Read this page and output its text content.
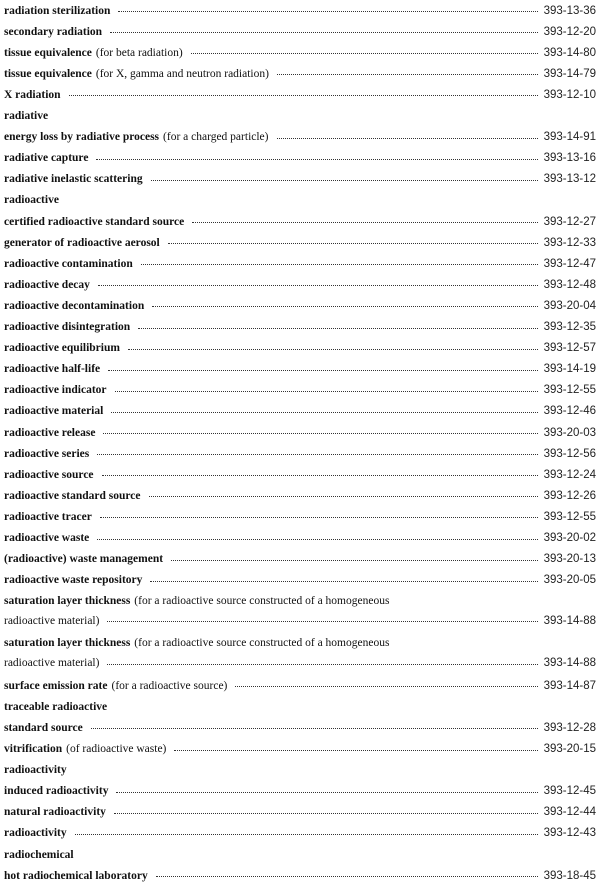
radiation sterilization	393-13-36
secondary radiation	393-12-20
tissue equivalence (for beta radiation)	393-14-80
tissue equivalence (for X, gamma and neutron radiation)	393-14-79
X radiation	393-12-10
radiative
energy loss by radiative process (for a charged particle)	393-14-91
radiative capture	393-13-16
radiative inelastic scattering	393-13-12
radioactive
certified radioactive standard source	393-12-27
generator of radioactive aerosol	393-12-33
radioactive contamination	393-12-47
radioactive decay	393-12-48
radioactive decontamination	393-20-04
radioactive disintegration	393-12-35
radioactive equilibrium	393-12-57
radioactive half-life	393-14-19
radioactive indicator	393-12-55
radioactive material	393-12-46
radioactive release	393-20-03
radioactive series	393-12-56
radioactive source	393-12-24
radioactive standard source	393-12-26
radioactive tracer	393-12-55
radioactive waste	393-20-02
(radioactive) waste management	393-20-13
radioactive waste repository	393-20-05
saturation layer thickness (for a radioactive source constructed of a homogeneous
radioactive material)	393-14-88
saturation layer thickness (for a radioactive source constructed of a homogeneous
radioactive material)	393-14-88
surface emission rate (for a radioactive source)	393-14-87
traceable radioactive
standard source	393-12-28
vitrification (of radioactive waste)	393-20-15
radioactivity
induced radioactivity	393-12-45
natural radioactivity	393-12-44
radioactivity	393-12-43
radiochemical
hot radiochemical laboratory	393-18-45
